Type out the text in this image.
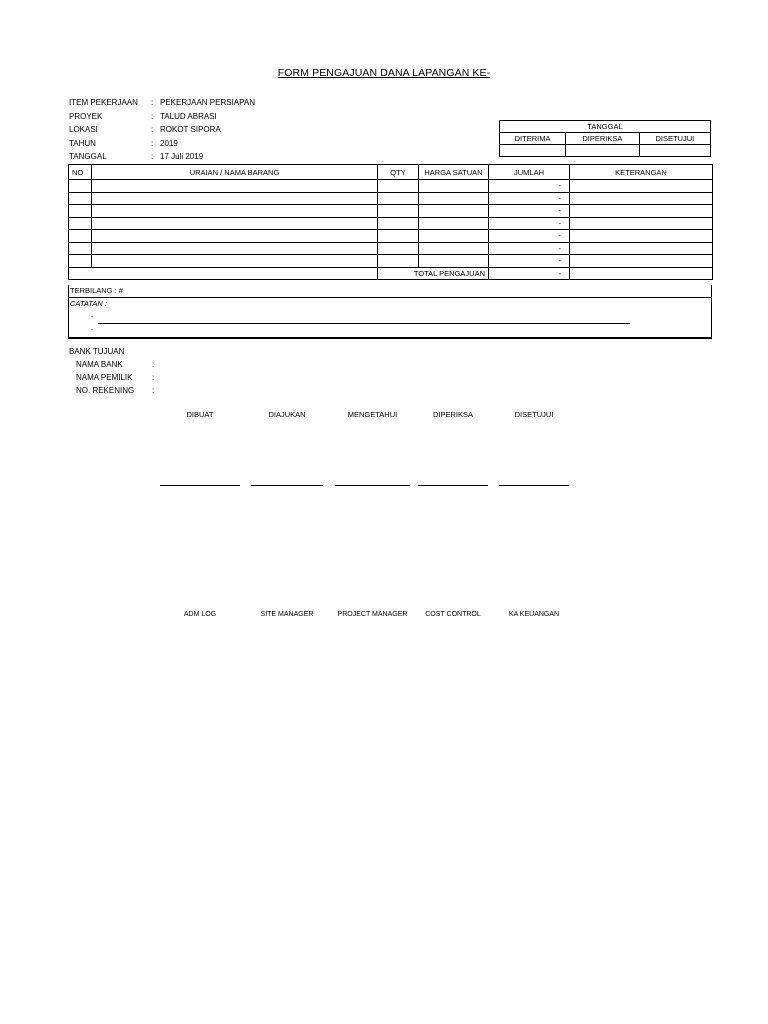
FORM PENGAJUAN DANA LAPANGAN KE-
ITEM PEKERJAAN	: PEKERJAAN PERSIAPAN
PROYEK	: TALUD ABRASI
LOKASI	: ROKOT SIPORA
TAHUN	: 2019
TANGGAL	: 17 Juli 2019
TANGGAL		
DITERIMA	DIPERIKSA	DISETUJUI

NO	URAIAN / NAMA BARANG	QTY	HARGA SATUAN	JUMLAH	KETERANGAN
				-	
				-	
				-	
				-	
				-	
				-	
				-	
		TOTAL PENGAJUAN		-	
TERBILANG : #
CATATAN :
-
-
BANK TUJUAN
NAMA BANK	:
NAMA PEMILIK	:
NO. REKENING	:
DIBUAT	DIAJUKAN	MENGETAHUI	DIPERIKSA	DISETUJUI
ADM LOG	SITE MANAGER	PROJECT MANAGER	COST CONTROL	KA KEUANGAN
